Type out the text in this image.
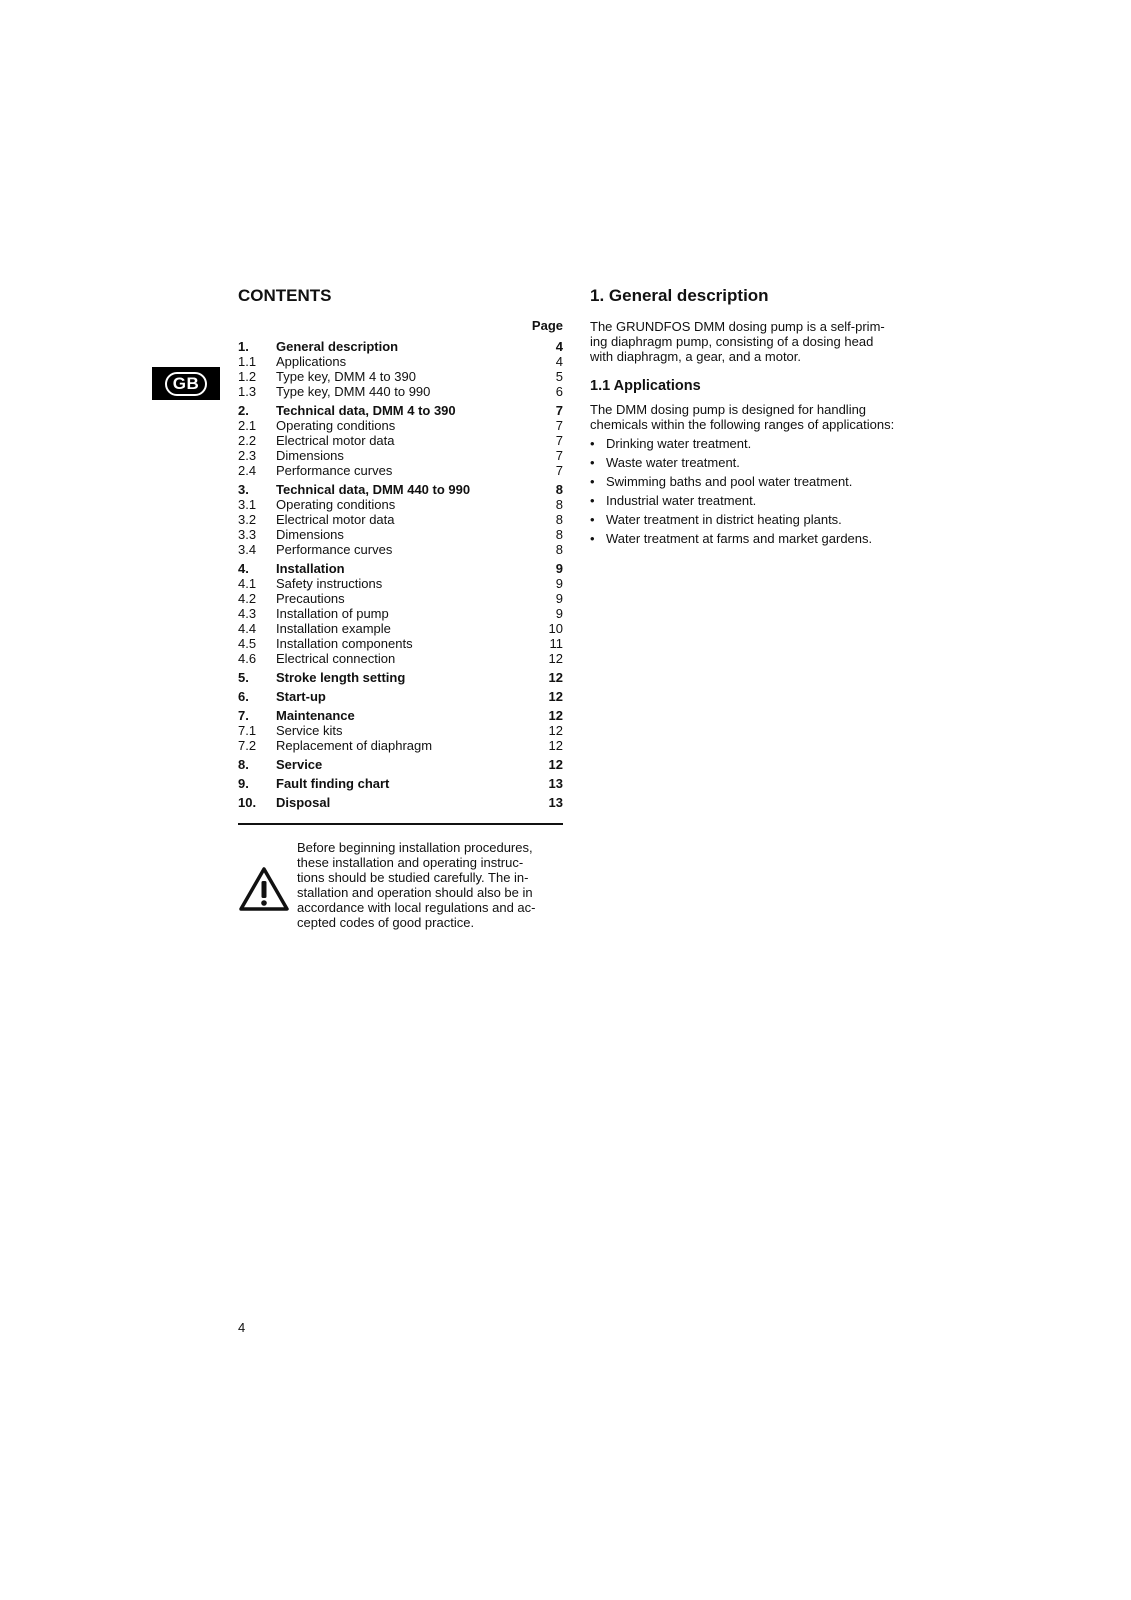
GB
CONTENTS
Page
1.	General description	4
1.1	Applications	4
1.2	Type key, DMM 4 to 390	5
1.3	Type key, DMM 440 to 990	6
2.	Technical data, DMM 4 to 390	7
2.1	Operating conditions	7
2.2	Electrical motor data	7
2.3	Dimensions	7
2.4	Performance curves	7
3.	Technical data, DMM 440 to 990	8
3.1	Operating conditions	8
3.2	Electrical motor data	8
3.3	Dimensions	8
3.4	Performance curves	8
4.	Installation	9
4.1	Safety instructions	9
4.2	Precautions	9
4.3	Installation of pump	9
4.4	Installation example	10
4.5	Installation components	11
4.6	Electrical connection	12
5.	Stroke length setting	12
6.	Start-up	12
7.	Maintenance	12
7.1	Service kits	12
7.2	Replacement of diaphragm	12
8.	Service	12
9.	Fault finding chart	13
10.	Disposal	13
Before beginning installation procedures,
these installation and operating instruc-
tions should be studied carefully. The in-
stallation and operation should also be in
accordance with local regulations and ac-
cepted codes of good practice.
1. General description
The GRUNDFOS DMM dosing pump is a self-prim-
ing diaphragm pump, consisting of a dosing head
with diaphragm, a gear, and a motor.
1.1 Applications
The DMM dosing pump is designed for handling
chemicals within the following ranges of applications:
• Drinking water treatment.
• Waste water treatment.
• Swimming baths and pool water treatment.
• Industrial water treatment.
• Water treatment in district heating plants.
• Water treatment at farms and market gardens.
4
